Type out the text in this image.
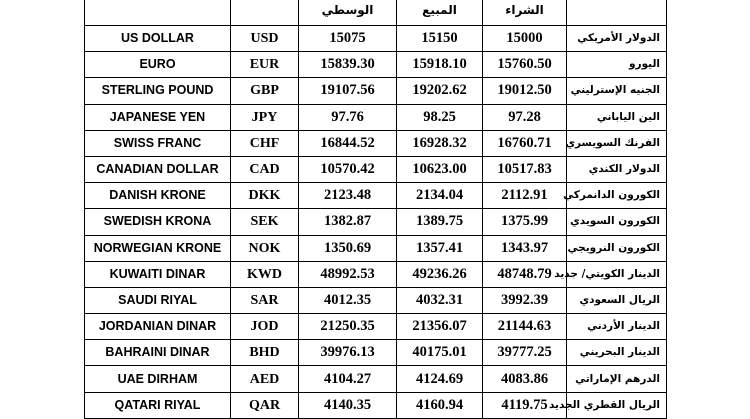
		الوسطي	المبيع	الشراء	
US DOLLAR	USD	15075	15150	15000	الدولار الأمريكي
EURO	EUR	15839.30	15918.10	15760.50	اليورو
STERLING POUND	GBP	19107.56	19202.62	19012.50	الجنيه الإسترليني
JAPANESE YEN	JPY	97.76	98.25	97.28	الين الياباني
SWISS FRANC	CHF	16844.52	16928.32	16760.71	الفرنك السويسري
CANADIAN DOLLAR	CAD	10570.42	10623.00	10517.83	الدولار الكندي
DANISH KRONE	DKK	2123.48	2134.04	2112.91	الكورون الدانمركي
SWEDISH KRONA	SEK	1382.87	1389.75	1375.99	الكورون السويدي
NORWEGIAN KRONE	NOK	1350.69	1357.41	1343.97	الكورون النرويجي
KUWAITI DINAR	KWD	48992.53	49236.26	48748.79	الدينار الكويتي/ جديد
SAUDI RIYAL	SAR	4012.35	4032.31	3992.39	الريال السعودي
JORDANIAN DINAR	JOD	21250.35	21356.07	21144.63	الدينار الأردني
BAHRAINI DINAR	BHD	39976.13	40175.01	39777.25	الدينار البحريني
UAE DIRHAM	AED	4104.27	4124.69	4083.86	الدرهم الإماراتي
QATARI RIYAL	QAR	4140.35	4160.94	4119.75	الريال القطري الجديد
